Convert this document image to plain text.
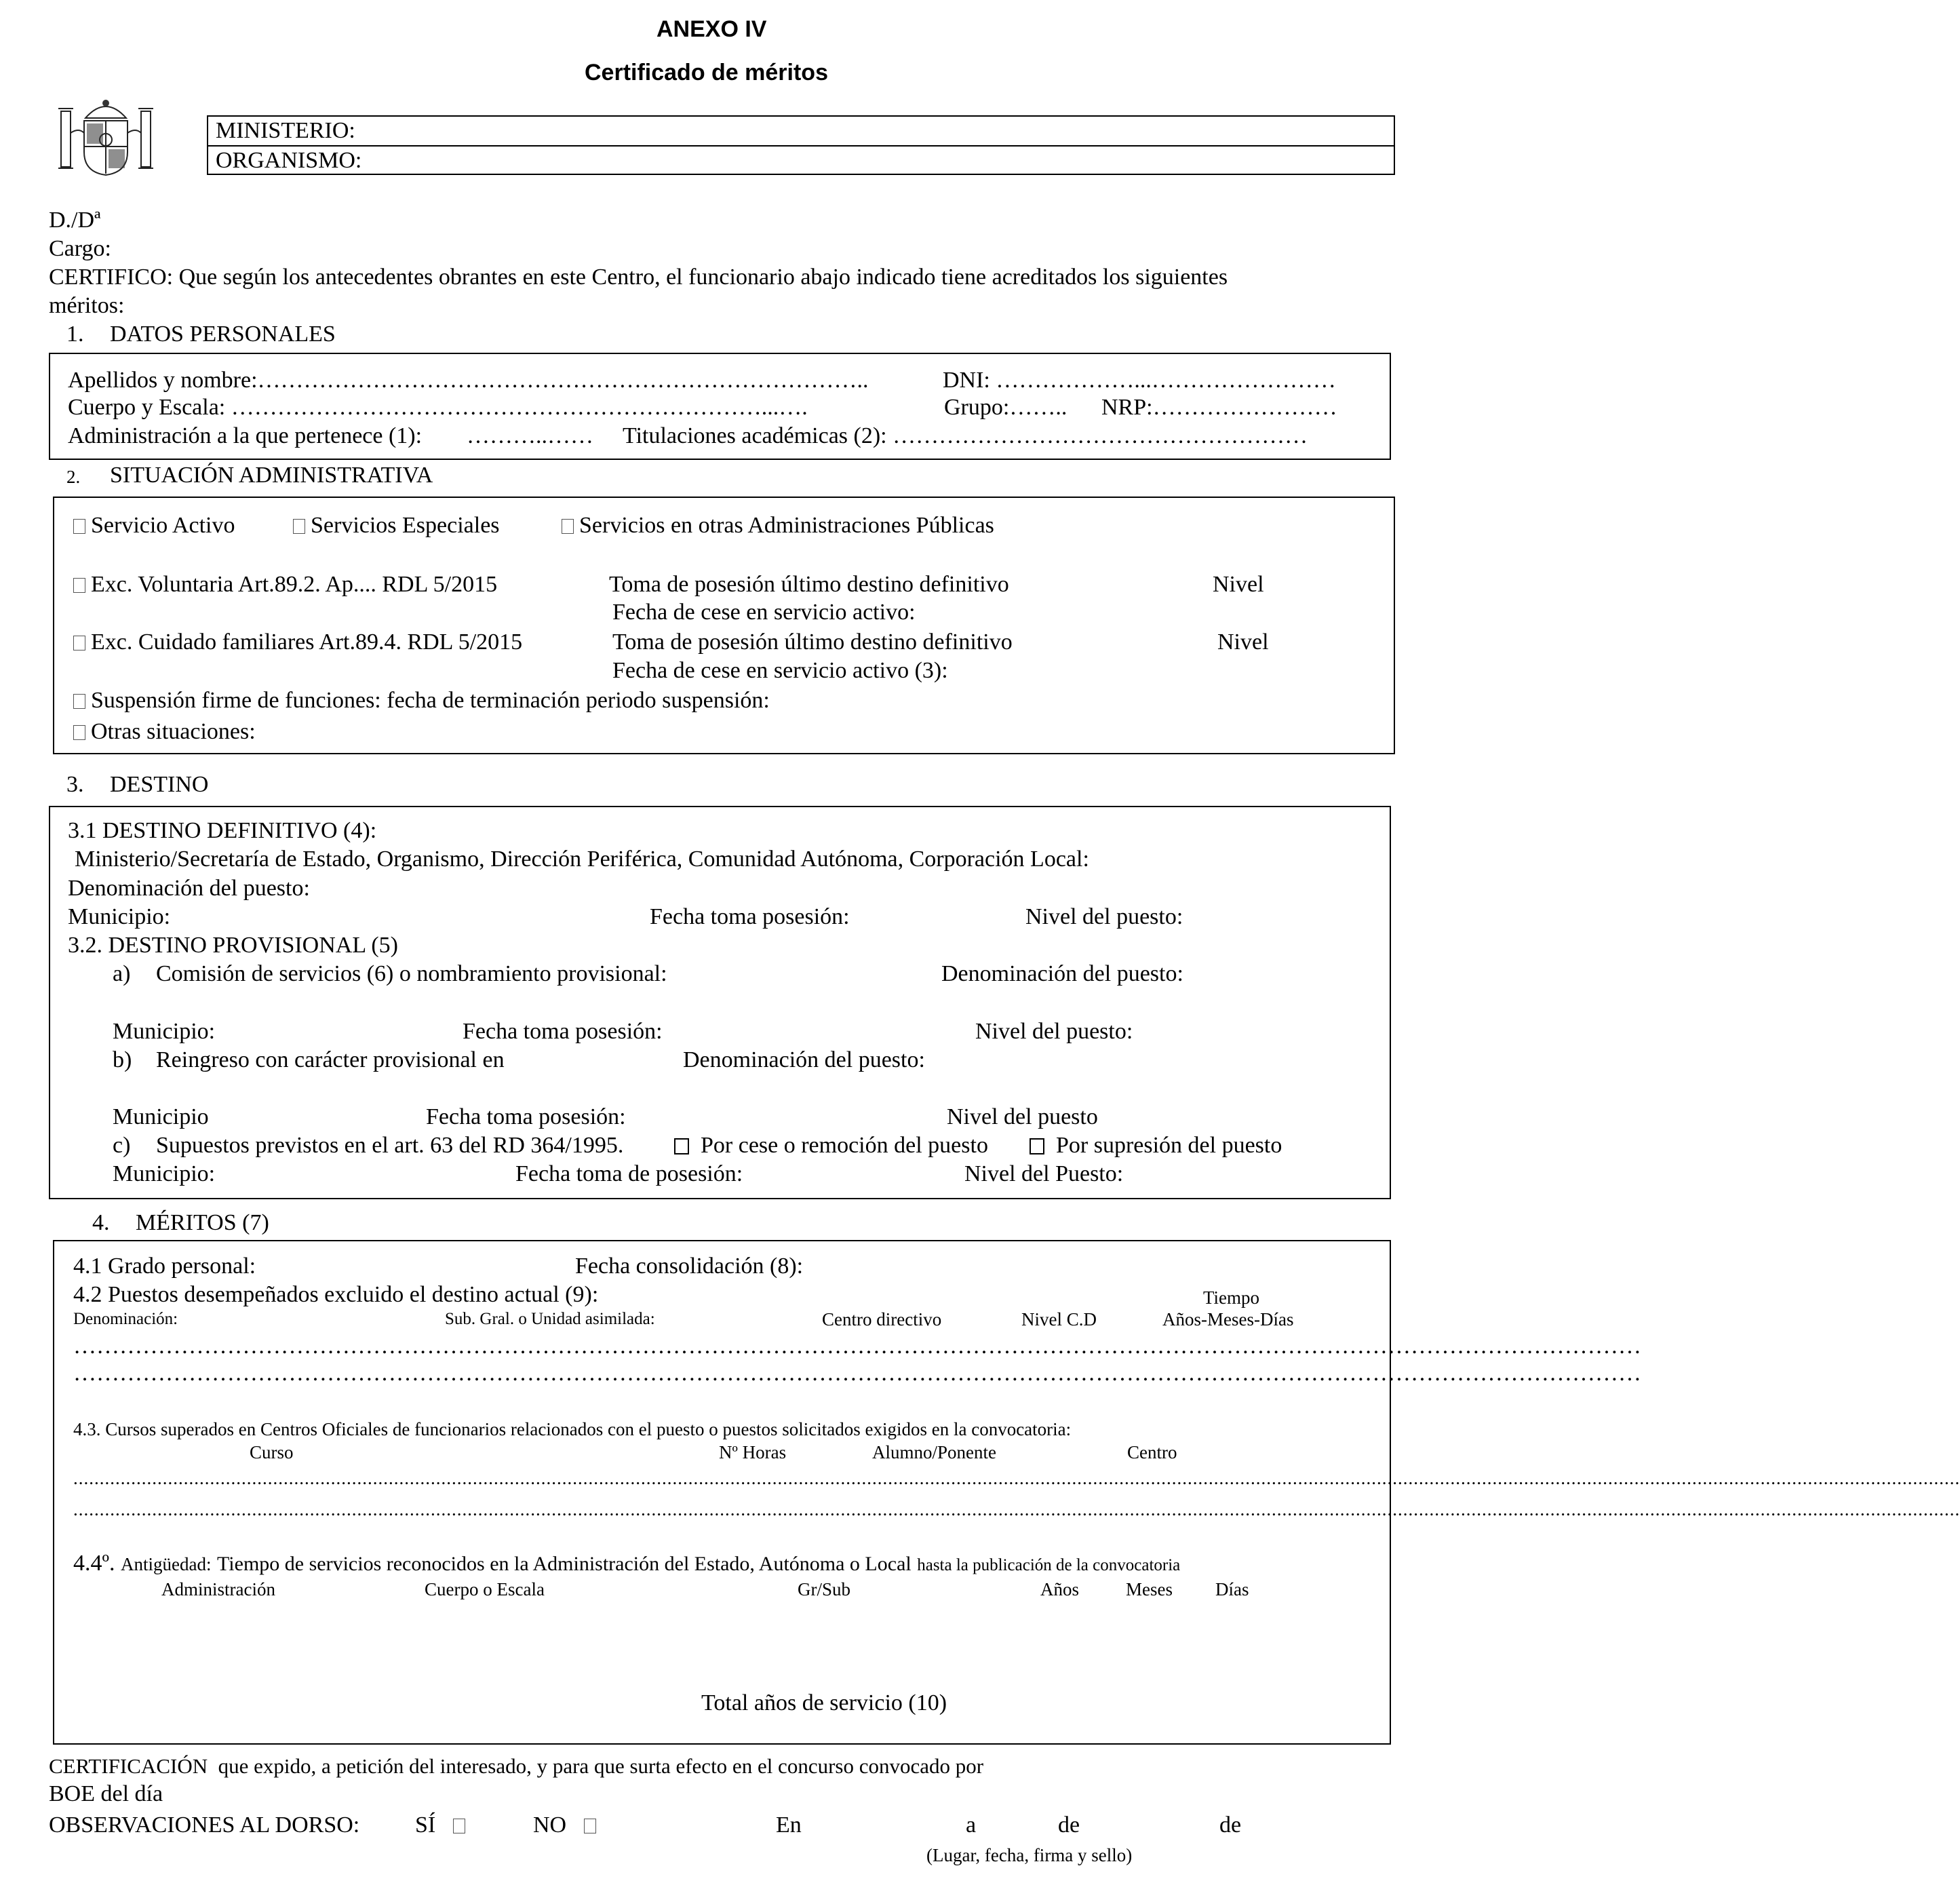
ANEXO IV
Certificado de méritos
MINISTERIO:
ORGANISMO:
D./Dª
Cargo:
CERTIFICO: Que según los antecedentes obrantes en este Centro, el funcionario abajo indicado tiene acreditados los siguientes
méritos:
1. DATOS PERSONALES
Apellidos y nombre:……………………………………………………………………..	DNI: ………………...……………………
Cuerpo y Escala: ……………………………………………………………...….	Grupo:…….. NRP:……………………
Administración a la que pertenece (1): ………..…… Titulaciones académicas (2): ………………………………………………
2. SITUACIÓN ADMINISTRATIVA
Servicio Activo	Servicios Especiales	Servicios en otras Administraciones Públicas
Exc. Voluntaria Art.89.2. Ap.... RDL 5/2015	Toma de posesión último destino definitivo	Nivel
Fecha de cese en servicio activo:
Exc. Cuidado familiares Art.89.4. RDL 5/2015	Toma de posesión último destino definitivo	Nivel
Fecha de cese en servicio activo (3):
Suspensión firme de funciones: fecha de terminación periodo suspensión:
Otras situaciones:
3. DESTINO
3.1 DESTINO DEFINITIVO (4):
Ministerio/Secretaría de Estado, Organismo, Dirección Periférica, Comunidad Autónoma, Corporación Local:
Denominación del puesto:
Municipio:	Fecha toma posesión:	Nivel del puesto:
3.2. DESTINO PROVISIONAL (5)
a) Comisión de servicios (6) o nombramiento provisional:	Denominación del puesto:
Municipio:	Fecha toma posesión:	Nivel del puesto:
b) Reingreso con carácter provisional en	Denominación del puesto:
Municipio	Fecha toma posesión:	Nivel del puesto
c) Supuestos previstos en el art. 63 del RD 364/1995.	Por cese o remoción del puesto	Por supresión del puesto
Municipio:	Fecha toma de posesión:	Nivel del Puesto:
4. MÉRITOS (7)
4.1 Grado personal:	Fecha consolidación (8):
4.2 Puestos desempeñados excluido el destino actual (9):	Tiempo
Denominación:	Sub. Gral. o Unidad asimilada:	Centro directivo	Nivel C.D	Años-Meses-Días
……………………………………………………………………………………………………………………………………………………………………………………
……………………………………………………………………………………………………………………………………………………………………………………
4.3. Cursos superados en Centros Oficiales de funcionarios relacionados con el puesto o puestos solicitados exigidos en la convocatoria:
Curso	Nº Horas	Alumno/Ponente	Centro
.......................................................................................................................................................................................................................................................................................................................................................................
.......................................................................................................................................................................................................................................................................................................................................................................
4.4º. Antigüedad: Tiempo de servicios reconocidos en la Administración del Estado, Autónoma o Local hasta la publicación de la convocatoria
Administración	Cuerpo o Escala	Gr/Sub	Años	Meses Días
Total años de servicio (10)
CERTIFICACIÓN que expido, a petición del interesado, y para que surta efecto en el concurso convocado por
BOE del día
OBSERVACIONES AL DORSO: SÍ	NO	En	a	de	de
(Lugar, fecha, firma y sello)
